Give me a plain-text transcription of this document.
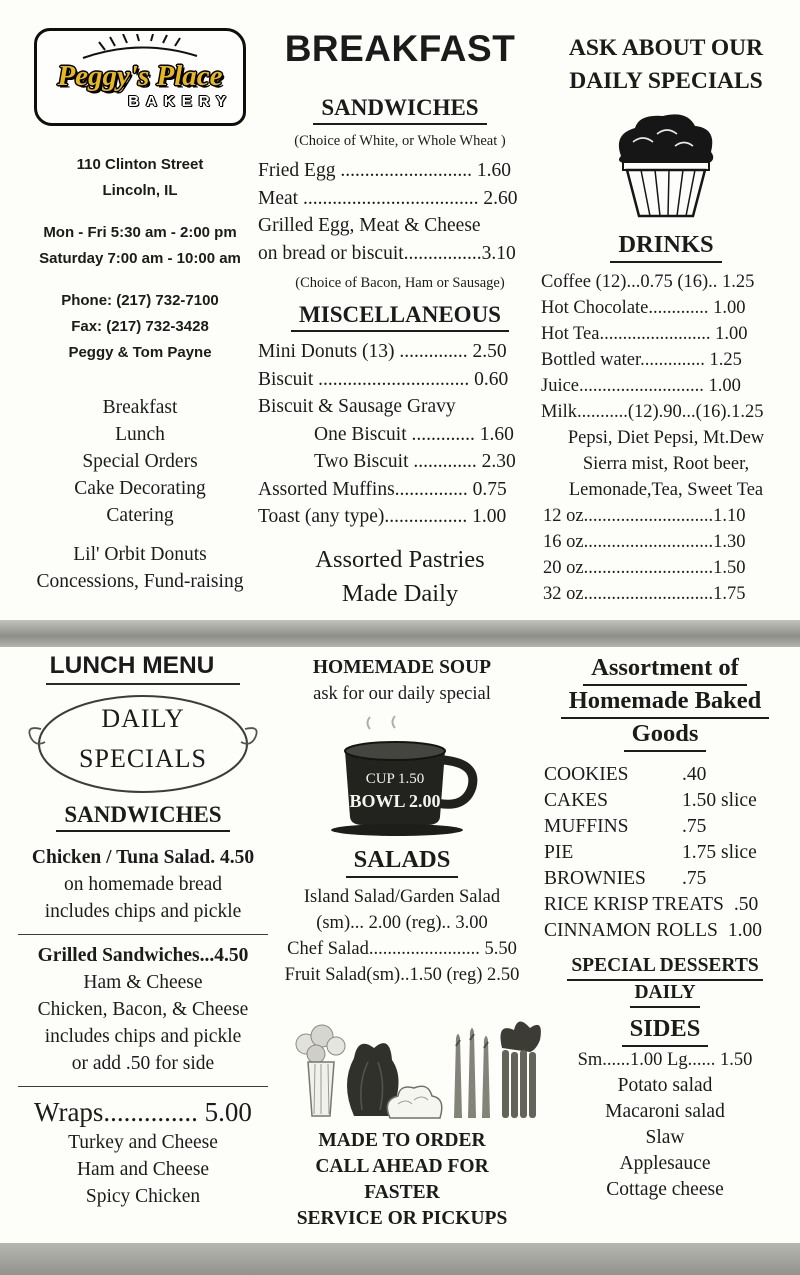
Peggy's Place
BAKERY
110 Clinton Street
Lincoln, IL
Mon - Fri 5:30 am - 2:00 pm
Saturday 7:00 am - 10:00 am
Phone: (217) 732-7100
Fax: (217) 732-3428
Peggy & Tom Payne
Breakfast
Lunch
Special Orders
Cake Decorating
Catering
Lil' Orbit Donuts
Concessions, Fund-raising
BREAKFAST
SANDWICHES
(Choice of White, or Whole Wheat )
Fried Egg ........................... 1.60
Meat .................................... 2.60
Grilled Egg, Meat & Cheese
on bread or biscuit................3.10
(Choice of Bacon, Ham or Sausage)
MISCELLANEOUS
Mini Donuts (13) .............. 2.50
Biscuit ............................... 0.60
Biscuit & Sausage Gravy
One Biscuit ............. 1.60
Two Biscuit ............. 2.30
Assorted Muffins............... 0.75
Toast (any type)................. 1.00
Assorted Pastries
Made Daily
ASK ABOUT OUR
DAILY SPECIALS
DRINKS
Coffee (12)...0.75 (16).. 1.25
Hot Chocolate............. 1.00
Hot Tea........................ 1.00
Bottled water.............. 1.25
Juice........................... 1.00
Milk...........(12).90...(16).1.25
Pepsi, Diet Pepsi, Mt.Dew
Sierra mist, Root beer,
Lemonade,Tea, Sweet Tea
12 oz............................1.10
16 oz............................1.30
20 oz............................1.50
32 oz............................1.75
LUNCH MENU
DAILY
SPECIALS
SANDWICHES
Chicken / Tuna Salad. 4.50
on homemade bread
includes chips and pickle
Grilled Sandwiches...4.50
Ham & Cheese
Chicken, Bacon, & Cheese
includes chips and pickle
or add .50 for side
Wraps.............. 5.00
Turkey and Cheese
Ham and Cheese
Spicy Chicken
HOMEMADE SOUP
ask for our daily special
CUP 1.50
BOWL 2.00
SALADS
Island Salad/Garden Salad
(sm)... 2.00 (reg).. 3.00
Chef Salad........................ 5.50
Fruit Salad(sm)..1.50 (reg) 2.50
MADE TO ORDER
CALL AHEAD FOR FASTER
SERVICE OR PICKUPS
Assortment of
Homemade Baked
Goods
COOKIES	.40
CAKES	1.50 slice
MUFFINS	.75
PIE	1.75 slice
BROWNIES	.75
RICE KRISP TREATS .50
CINNAMON ROLLS 1.00
SPECIAL DESSERTS
DAILY
SIDES
Sm......1.00 Lg...... 1.50
Potato salad
Macaroni salad
Slaw
Applesauce
Cottage cheese
